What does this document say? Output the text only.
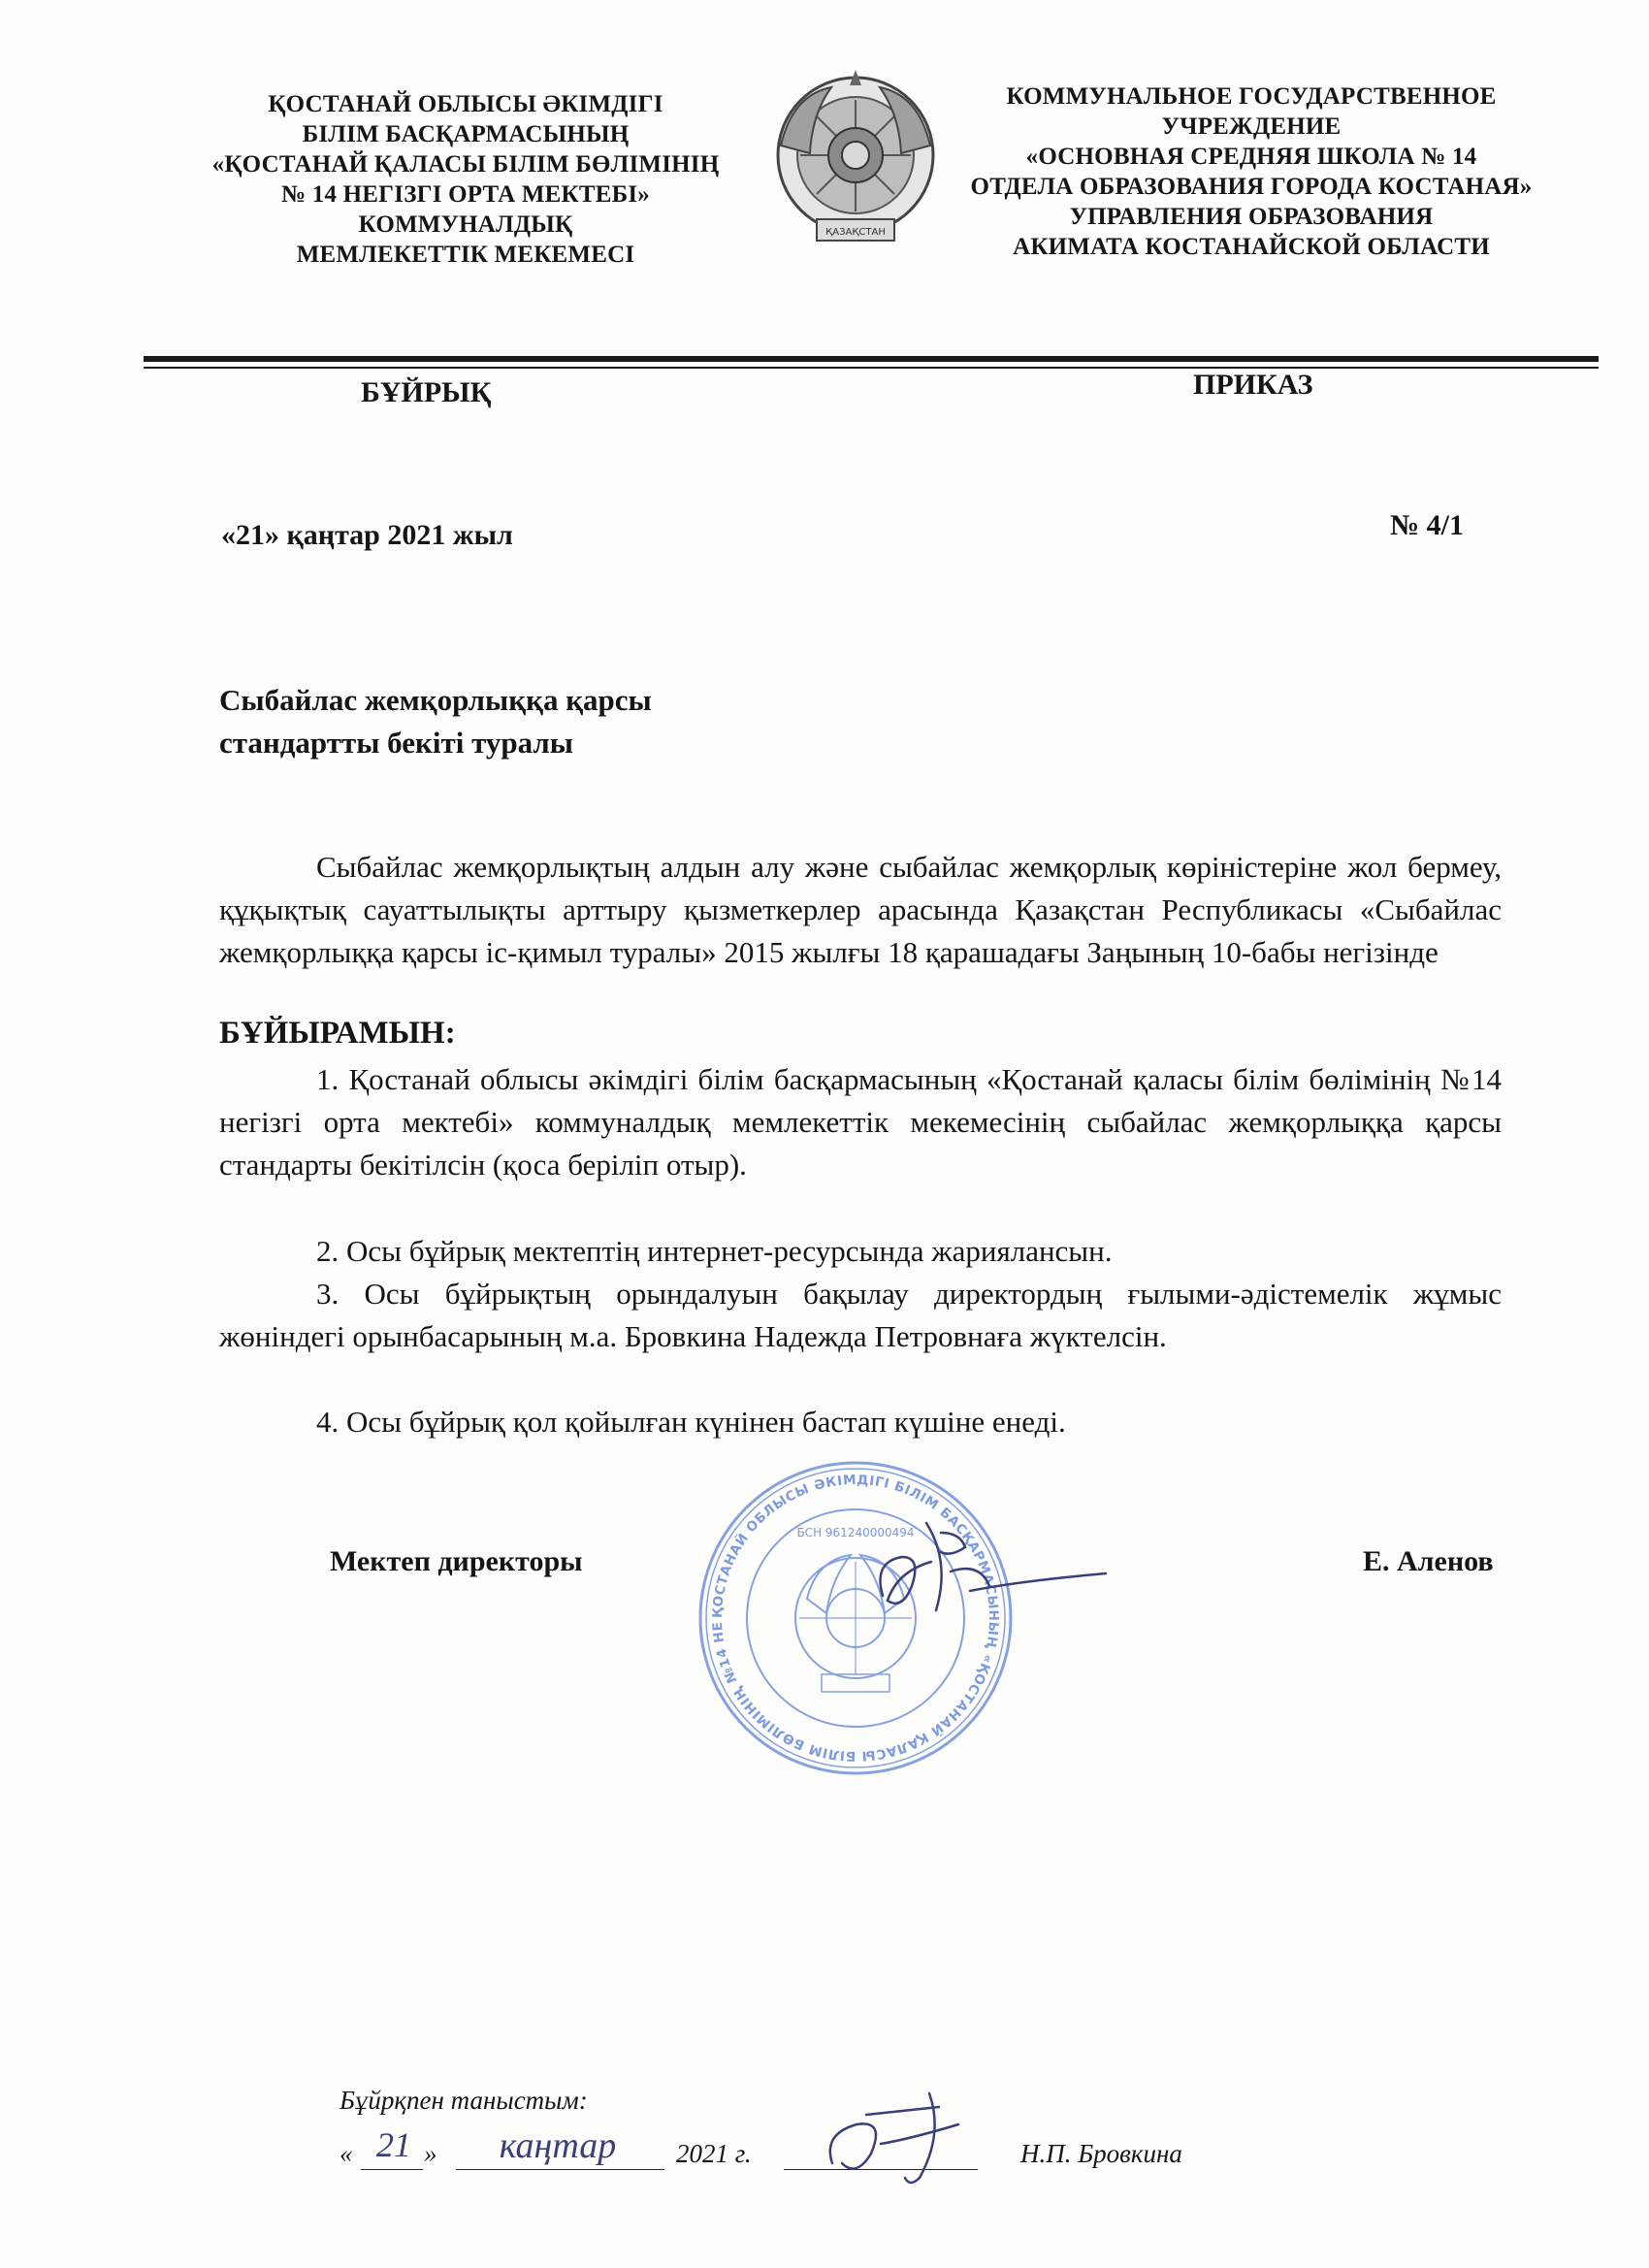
ҚОСТАНАЙ ОБЛЫСЫ ӘКІМДІГІ
БІЛІМ БАСҚАРМАСЫНЫҢ
«ҚОСТАНАЙ ҚАЛАСЫ БІЛІМ БӨЛІМІНІҢ
№ 14 НЕГІЗГІ ОРТА МЕКТЕБІ»
КОММУНАЛДЫҚ
МЕМЛЕКЕТТІК МЕКЕМЕСІ
ҚАЗАҚСТАН
КОММУНАЛЬНОЕ ГОСУДАРСТВЕННОЕ
УЧРЕЖДЕНИЕ
«ОСНОВНАЯ СРЕДНЯЯ ШКОЛА № 14
ОТДЕЛА ОБРАЗОВАНИЯ ГОРОДА КОСТАНАЯ»
УПРАВЛЕНИЯ ОБРАЗОВАНИЯ
АКИМАТА КОСТАНАЙСКОЙ ОБЛАСТИ
БҰЙРЫҚ	ПРИКАЗ
«21» қаңтар 2021 жыл	№ 4/1
Сыбайлас жемқорлыққа қарсы
стандартты бекіті туралы
Сыбайлас жемқорлықтың алдын алу және сыбайлас жемқорлық көріністеріне жол бермеу, құқықтық сауаттылықты арттыру қызметкерлер арасында Қазақстан Республикасы «Сыбайлас жемқорлыққа қарсы іс-қимыл туралы» 2015 жылғы 18 қарашадағы Заңының 10-бабы негізінде
БҰЙЫРАМЫН:
1. Қостанай облысы әкімдігі білім басқармасының «Қостанай қаласы білім бөлімінің №14 негізгі орта мектебі» коммуналдық мемлекеттік мекемесінің сыбайлас жемқорлыққа қарсы стандарты бекітілсін (қоса беріліп отыр).
2. Осы бұйрық мектептің интернет-ресурсында жариялансын.
3. Осы бұйрықтың орындалуын бақылау директордың ғылыми-әдістемелік жұмыс жөніндегі орынбасарының м.а. Бровкина Надежда Петровнаға жүктелсін.
4. Осы бұйрық қол қойылған күнінен бастап күшіне енеді.
ҚОСТАНАЙ ОБЛЫСЫ ӘКІМДІГІ БІЛІМ БАСҚАРМАСЫНЫҢ «ҚОСТАНАЙ ҚАЛАСЫ БІЛІМ БӨЛІМІНІҢ №14 НЕ
БСН 961240000494
Мектеп директоры	Е. Аленов
Бұйрқпен таныстым:
« 21 »	каңтар	2021 г.	Н.П. Бровкина
